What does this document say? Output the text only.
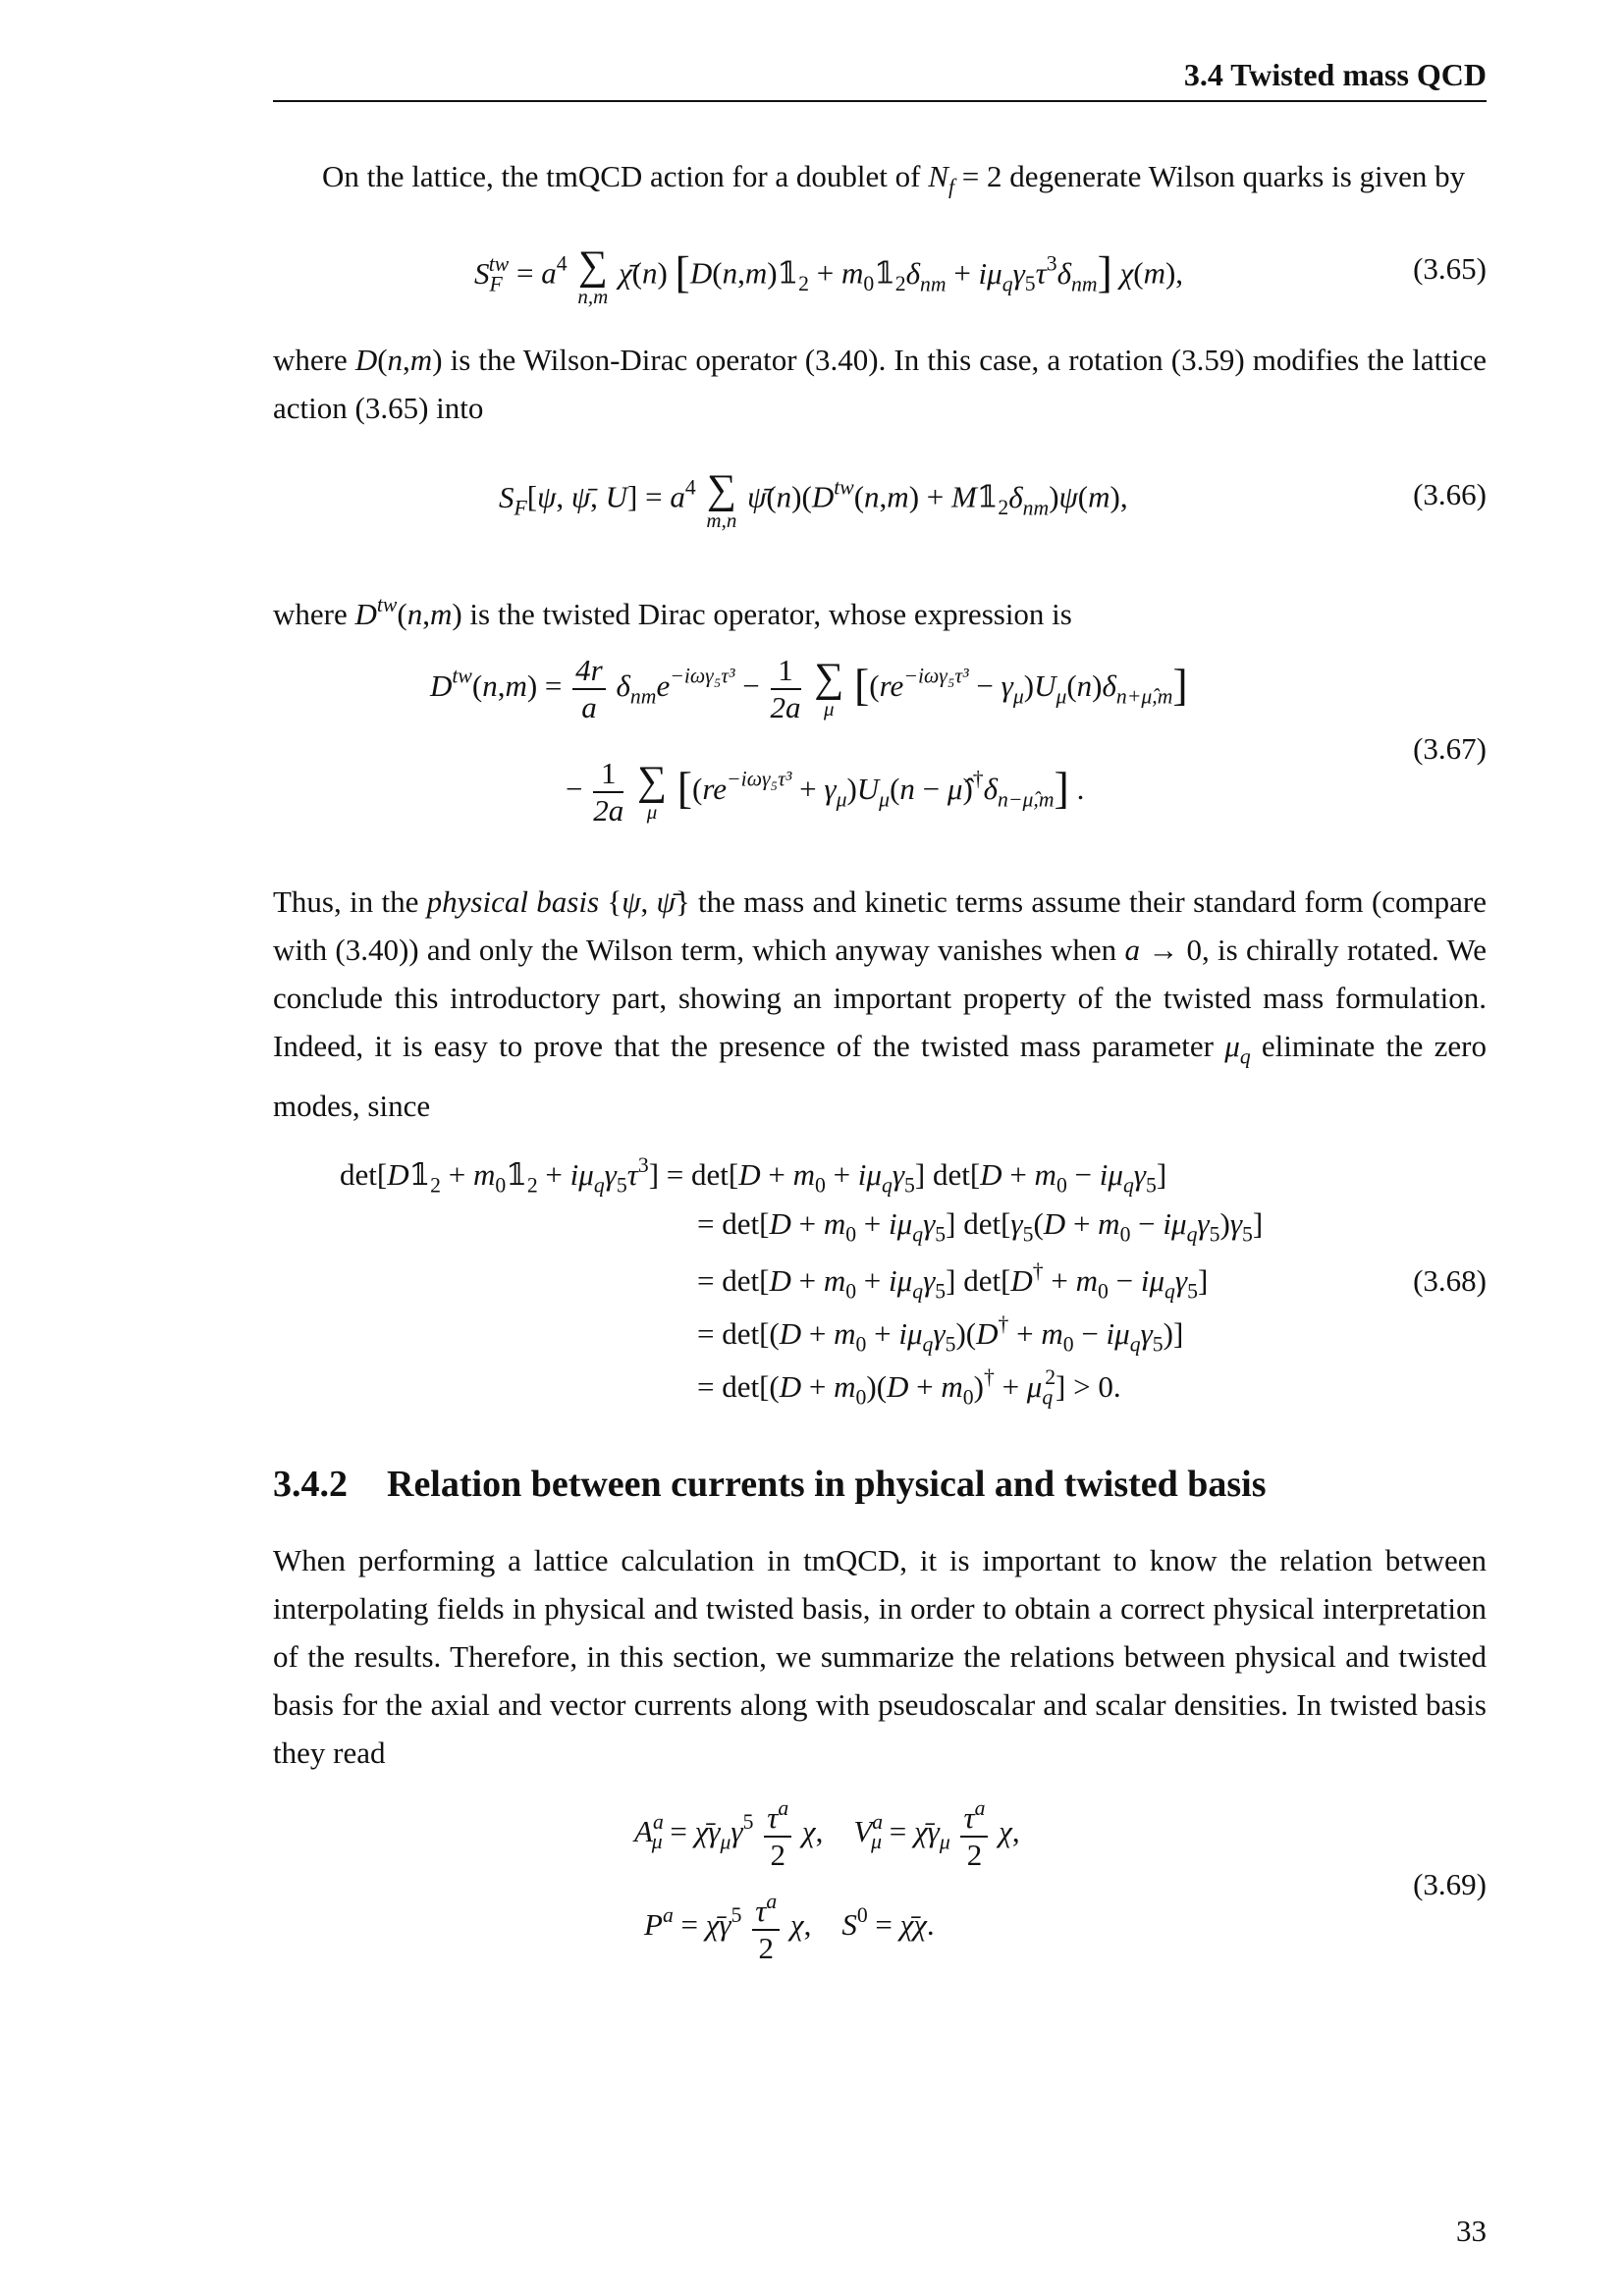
3.4 Twisted mass QCD
On the lattice, the tmQCD action for a doublet of $N_f = 2$ degenerate Wilson quarks is given by
$S_F^{tw} = a^4$ ∑
n,m
χ̄(n) [$D(n,m)𝟙_2$ + $m_0𝟙_2\delta_{nm} + i\mu_q\gamma_5\tau^3\delta_{nm}$] χ(m),	(3.65)
where D(n,m) is the Wilson-Dirac operator (3.40). In this case, a rotation (3.59) modifies the lattice action (3.65) into
$S_F[\psi$, ψ̄, $U] = a^4$ ∑
m,n
$\psī(n)(D^{tw}(n,m)$ + $M𝟙_2\delta_{nm})\psi(m)$,	(3.66)
where $D^{tw}(n,m)$ is the twisted Dirac operator, whose expression is
$D^{tw}(n,m) = \frac{4r}{a} \delta_{nm}e^{-i\omega\gamma_5\tau^3} - \frac{1}{2a}$
∑
μ $[(re^{-i\omega\gamma_5\tau^3} - \gamma_\mu)U_\mu(n)\delta_{n+\mû,m}]$
− $\frac{1}{2a}$
∑
μ [$(re^{-i\omega\gamma_5\tau^3} + \gamma_\mu)U_\mu(n$ − $\mû)^\dagger\delta_{n-\mû,m}$] .
(3.67)
Thus, in the physical basis {ψ, ψ̄} the mass and kinetic terms assume their standard form (compare with (3.40)) and only the Wilson term, which anyway vanishes when a → 0, is chirally rotated. We conclude this introductory part, showing an important property of the twisted mass formulation. Indeed, it is easy to prove that the presence of the twisted mass parameter $\mu_q$ eliminate the zero modes, since
$\det[D𝟙_2$ + $m_0𝟙_2 + i\mu_q\gamma_5\tau^3] = \det[D + m_0 + i\mu_q\gamma_5]$ $\det[D + m_0 - i\mu_q\gamma_5]$
= $\det[D + m_0 + i\mu_q\gamma_5]$ $\det[\gamma_5(D + m_0 - i\mu_q\gamma_5)\gamma_5]$
= $\det[D + m_0 + i\mu_q\gamma_5]$ $\det[D^\dagger + m_0 - i\mu_q\gamma_5]$
= $\det[(D + m_0 + i\mu_q\gamma_5)(D^\dagger + m_0 - i\mu_q\gamma_5)]$
= $\det[(D + m_0)(D + m_0)^\dagger + \mu_q^2] > 0$.
(3.68)
3.4.2 Relation between currents in physical and twisted basis
When performing a lattice calculation in tmQCD, it is important to know the relation between interpolating fields in physical and twisted basis, in order to obtain a correct physical interpretation of the results. Therefore, in this section, we summarize the relations between physical and twisted basis for the axial and vector currents along with pseudoscalar and scalar densities. In twisted basis they read
$A^a_\mu$ = $\chī\gamma_\mu\gamma^5 \frac{\tau^a}{2} \chi$,    $V^a_\mu$ = $\chī\gamma_\mu \frac{\tau^a}{2} \chi$,
$P^a$ = $\chī\gamma^5 \frac{\tau^a}{2} \chi$,    $S^0$ = χ̄χ.
(3.69)
33
